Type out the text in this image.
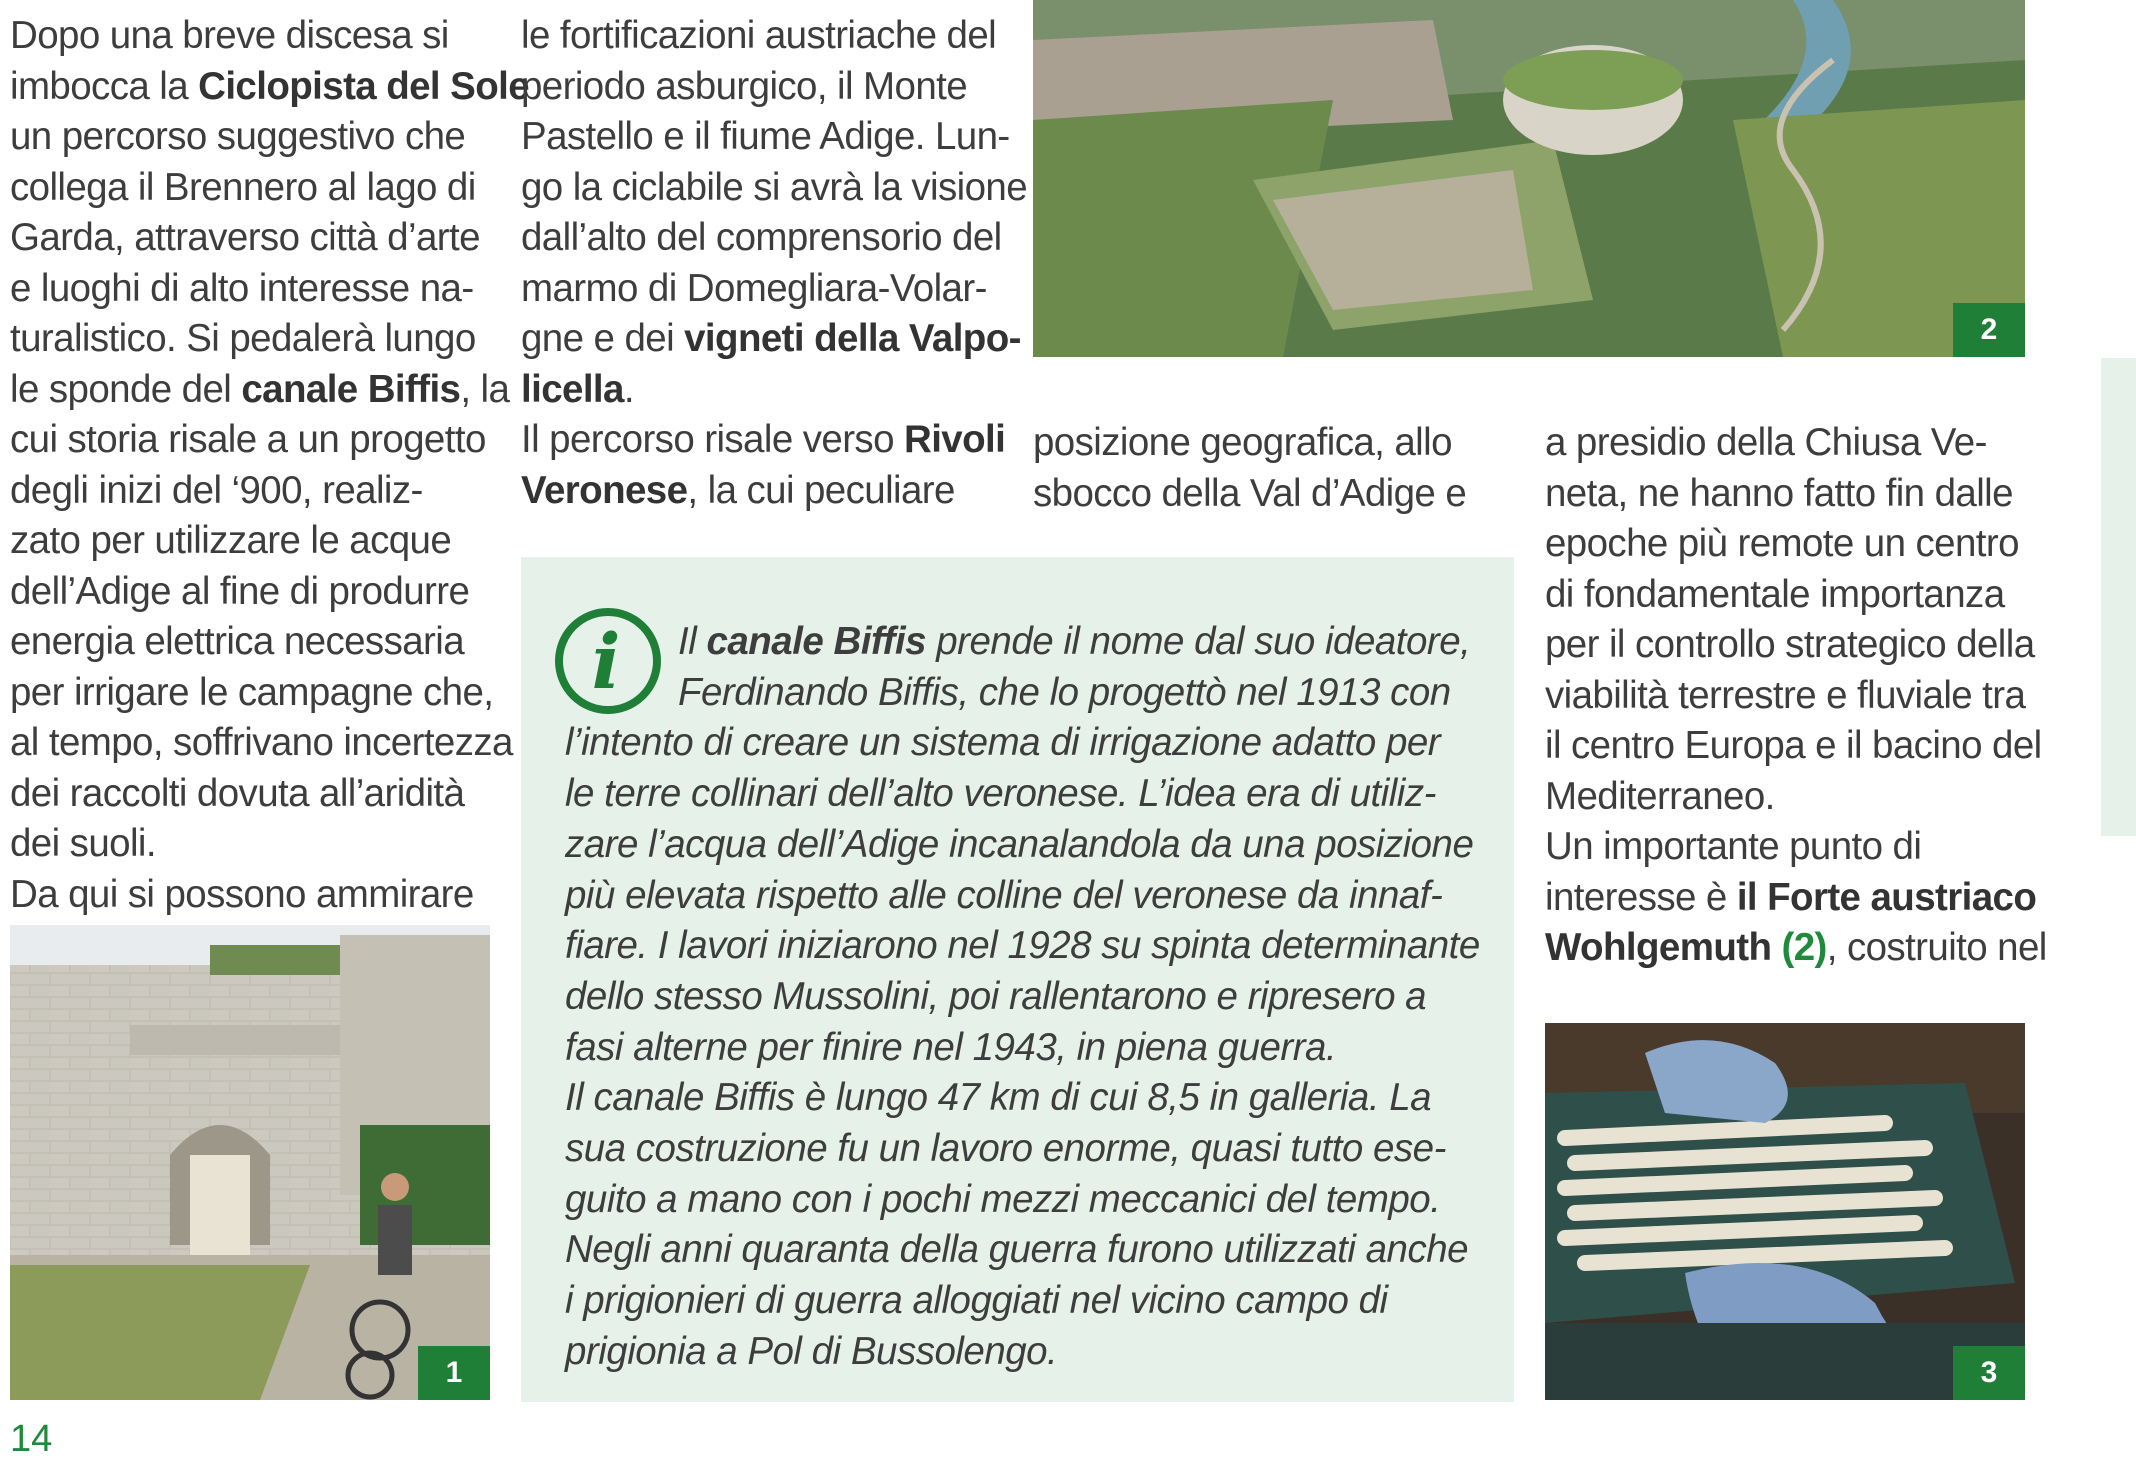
Dopo una breve discesa si
imbocca la Ciclopista del Sole
un percorso suggestivo che
collega il Brennero al lago di
Garda, attraverso città d’arte
e luoghi di alto interesse na-
turalistico. Si pedalerà lungo
le sponde del canale Biffis, la
cui storia risale a un progetto
degli inizi del ‘900, realiz-
zato per utilizzare le acque
dell’Adige al fine di produrre
energia elettrica necessaria
per irrigare le campagne che,
al tempo, soffrivano incertezza
dei raccolti dovuta all’aridità
dei suoli.
Da qui si possono ammirare
le fortificazioni austriache del
periodo asburgico, il Monte
Pastello e il fiume Adige. Lun-
go la ciclabile si avrà la visione
dall’alto del comprensorio del
marmo di Domegliara-Volar-
gne e dei vigneti della Valpo-
licella.
Il percorso risale verso Rivoli
Veronese, la cui peculiare
posizione geografica, allo
sbocco della Val d’Adige e
a presidio della Chiusa Ve-
neta, ne hanno fatto fin dalle
epoche più remote un centro
di fondamentale importanza
per il controllo strategico della
viabilità terrestre e fluviale tra
il centro Europa e il bacino del
Mediterraneo.
Un importante punto di
interesse è il Forte austriaco
Wohlgemuth (2), costruito nel
1
2
3
i	Il canale Biffis prende il nome dal suo ideatore,
Ferdinando Biffis, che lo progettò nel 1913 con
l’intento di creare un sistema di irrigazione adatto per
le terre collinari dell’alto veronese. L’idea era di utiliz-
zare l’acqua dell’Adige incanalandola da una posizione
più elevata rispetto alle colline del veronese da innaf-
fiare. I lavori iniziarono nel 1928 su spinta determinante
dello stesso Mussolini, poi rallentarono e ripresero a
fasi alterne per finire nel 1943, in piena guerra.
Il canale Biffis è lungo 47 km di cui 8,5 in galleria. La
sua costruzione fu un lavoro enorme, quasi tutto ese-
guito a mano con i pochi mezzi meccanici del tempo.
Negli anni quaranta della guerra furono utilizzati anche
i prigionieri di guerra alloggiati nel vicino campo di
prigionia a Pol di Bussolengo.
14
